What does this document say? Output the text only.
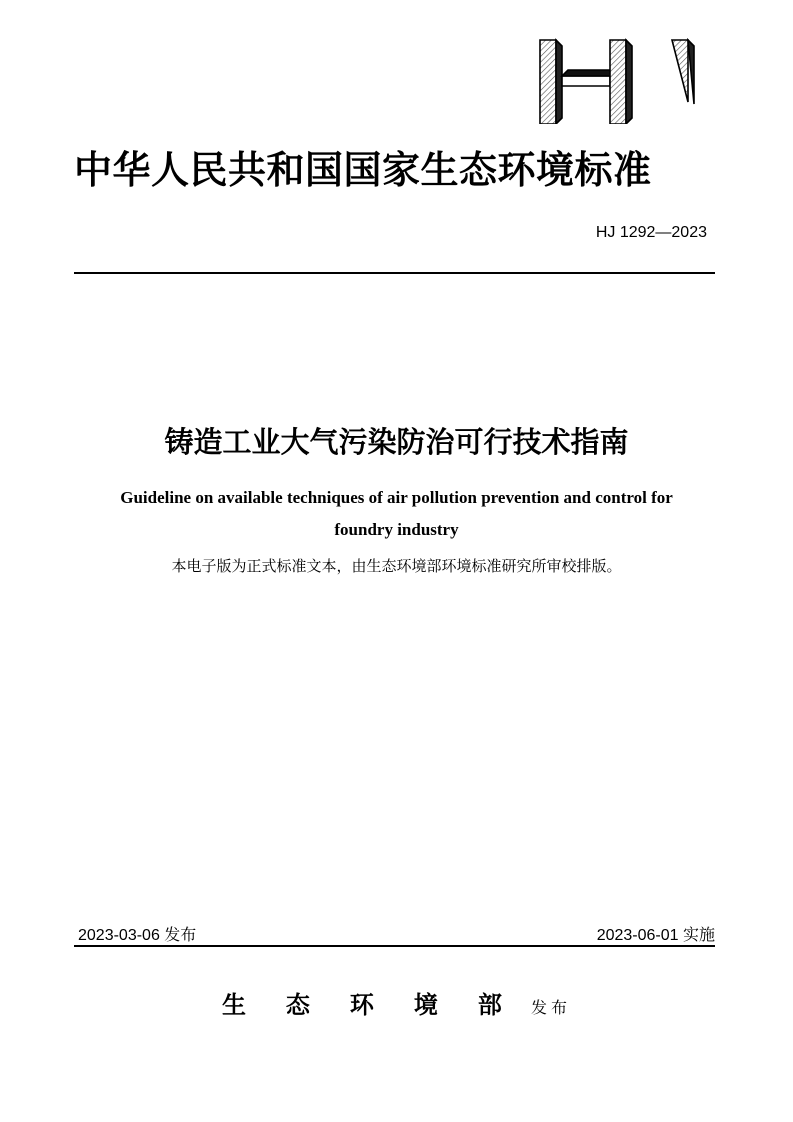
中华人民共和国国家生态环境标准
HJ 1292—2023
铸造工业大气污染防治可行技术指南
Guideline on available techniques of air pollution prevention and control for
foundry industry
本电子版为正式标准文本，由生态环境部环境标准研究所审校排版。
2023-03-06 发布	2023-06-01 实施
生态环境部 发布
